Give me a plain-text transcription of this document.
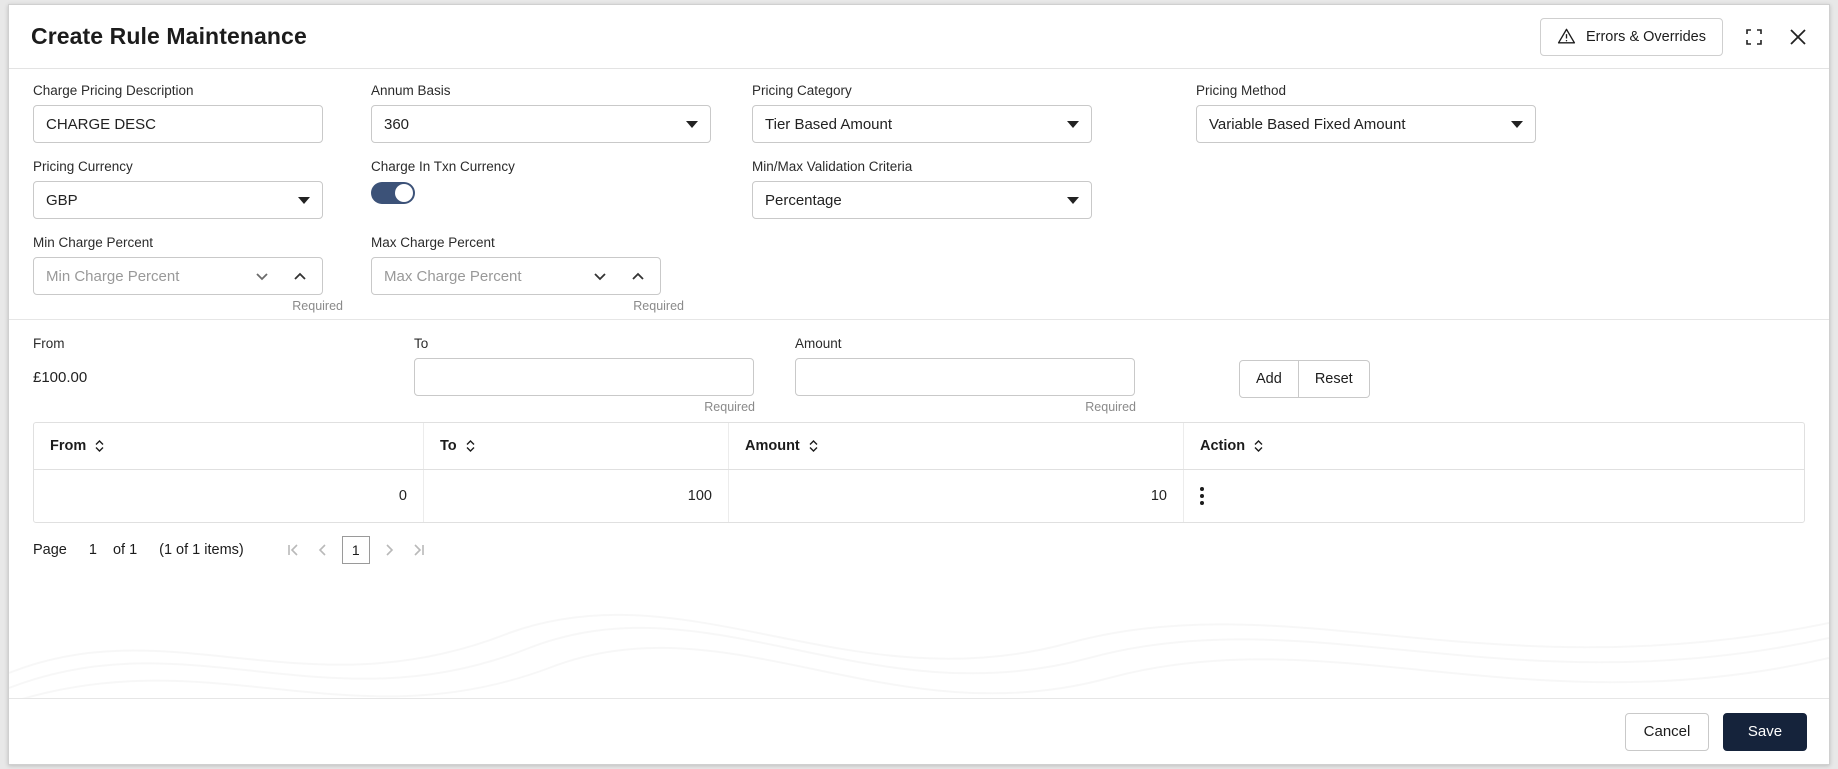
Create Rule Maintenance	Errors & Overrides
Charge Pricing Description
CHARGE DESC
Annum Basis
360
Pricing Category
Tier Based Amount
Pricing Method
Variable Based Fixed Amount
Pricing Currency
GBP
Charge In Txn Currency	Min/Max Validation Criteria
Percentage
Min Charge Percent
Min Charge Percent
Required
Max Charge Percent
Max Charge Percent
Required
From
£100.00
To
Required
Amount
Required
Add	Reset
From	To	Amount	Action
0	100	10
Page 1 of 1 (1 of 1 items)	1
Cancel	Save
